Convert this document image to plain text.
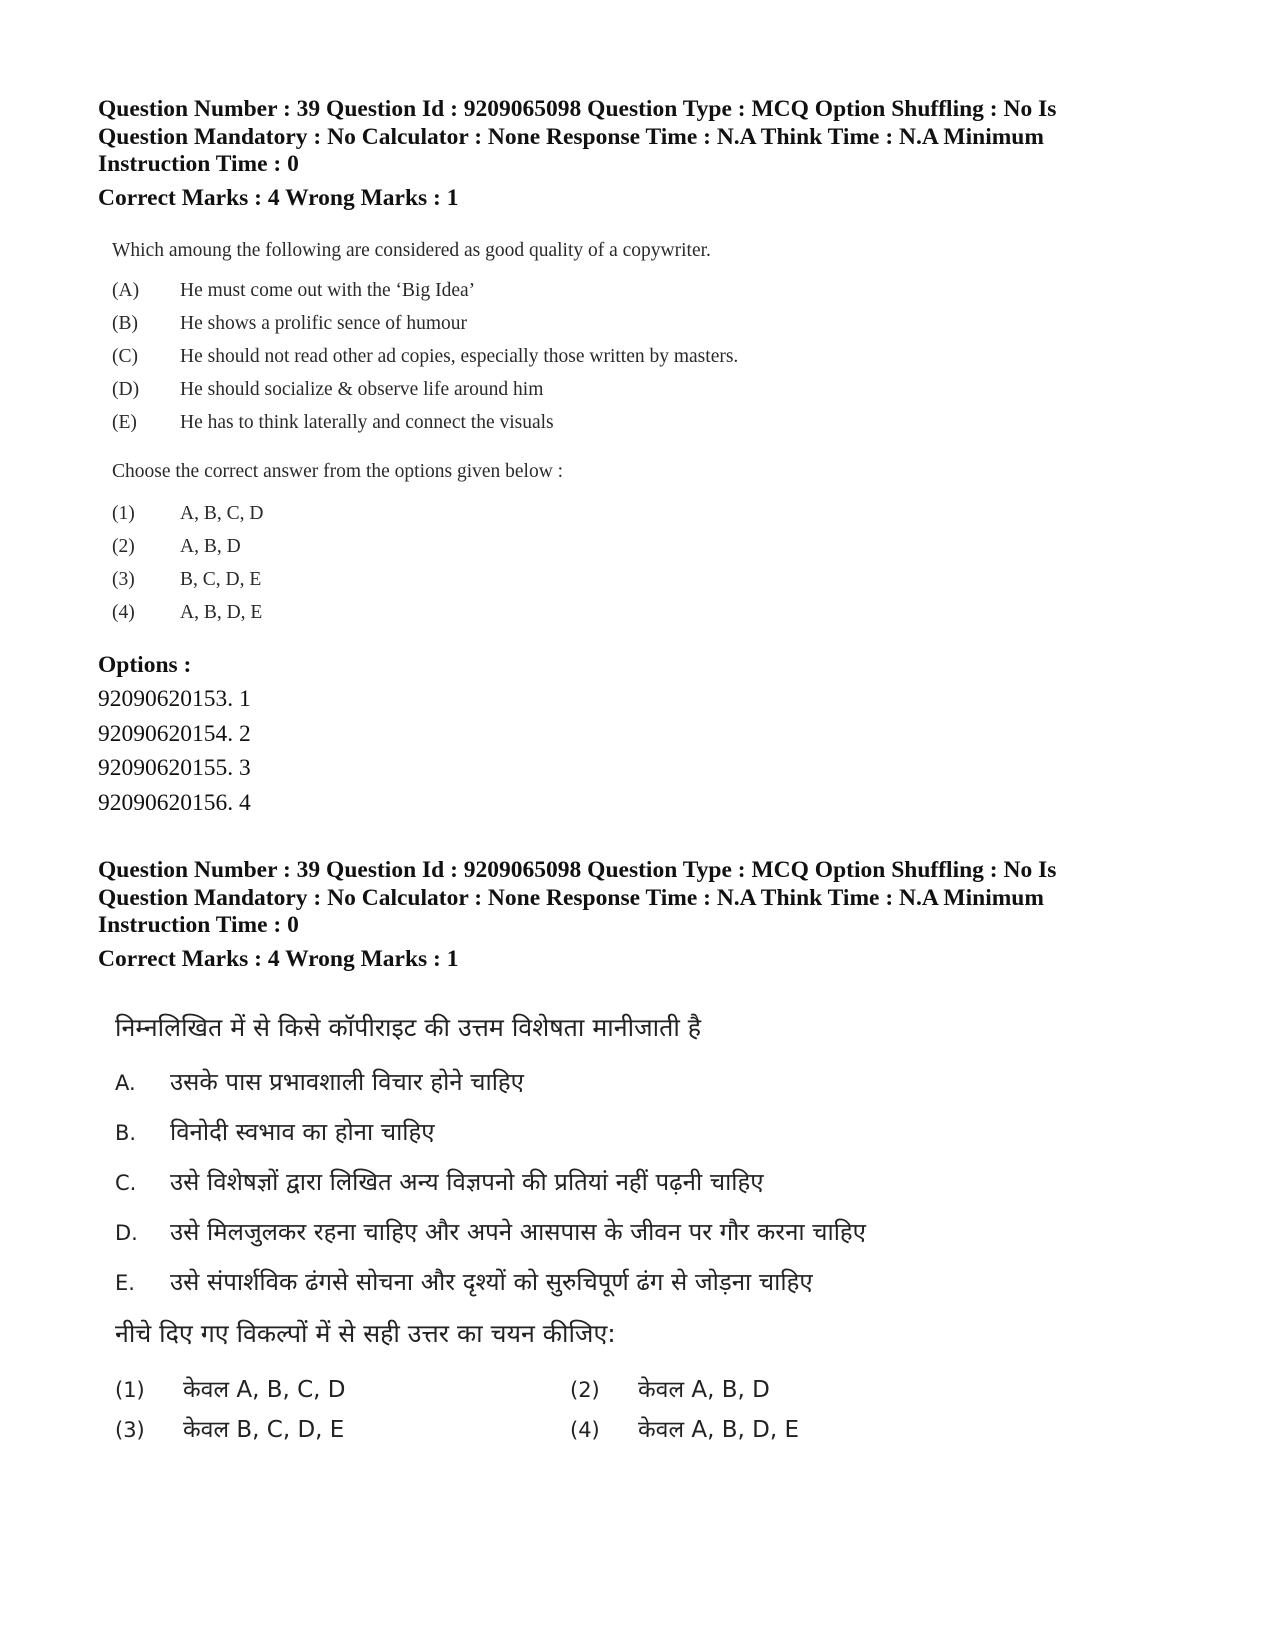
Question Number : 39 Question Id : 9209065098 Question Type : MCQ Option Shuffling : No Is
Question Mandatory : No Calculator : None Response Time : N.A Think Time : N.A Minimum
Instruction Time : 0
Correct Marks : 4 Wrong Marks : 1
Which amoung the following are considered as good quality of a copywriter.
(A) He must come out with the ‘Big Idea’
(B) He shows a prolific sence of humour
(C) He should not read other ad copies, especially those written by masters.
(D) He should socialize & observe life around him
(E) He has to think laterally and connect the visuals
Choose the correct answer from the options given below :
(1) A, B, C, D
(2) A, B, D
(3) B, C, D, E
(4) A, B, D, E
Options :
92090620153. 1
92090620154. 2
92090620155. 3
92090620156. 4
Question Number : 39 Question Id : 9209065098 Question Type : MCQ Option Shuffling : No Is
Question Mandatory : No Calculator : None Response Time : N.A Think Time : N.A Minimum
Instruction Time : 0
Correct Marks : 4 Wrong Marks : 1
निम्नलिखित में से किसे कॉपीराइट की उत्तम विशेषता मानीजाती है
A. उसके पास प्रभावशाली विचार होने चाहिए
B. विनोदी स्वभाव का होना चाहिए
C. उसे विशेषज्ञों द्वारा लिखित अन्य विज्ञपनो की प्रतियां नहीं पढ़नी चाहिए
D. उसे मिलजुलकर रहना चाहिए और अपने आसपास के जीवन पर गौर करना चाहिए
E. उसे संपार्शविक ढंगसे सोचना और दृश्यों को सुरुचिपूर्ण ढंग से जोड़ना चाहिए
नीचे दिए गए विकल्पों में से सही उत्तर का चयन कीजिए:
(1) केवल A, B, C, D	(2) केवल A, B, D
(3) केवल B, C, D, E	(4) केवल A, B, D, E
